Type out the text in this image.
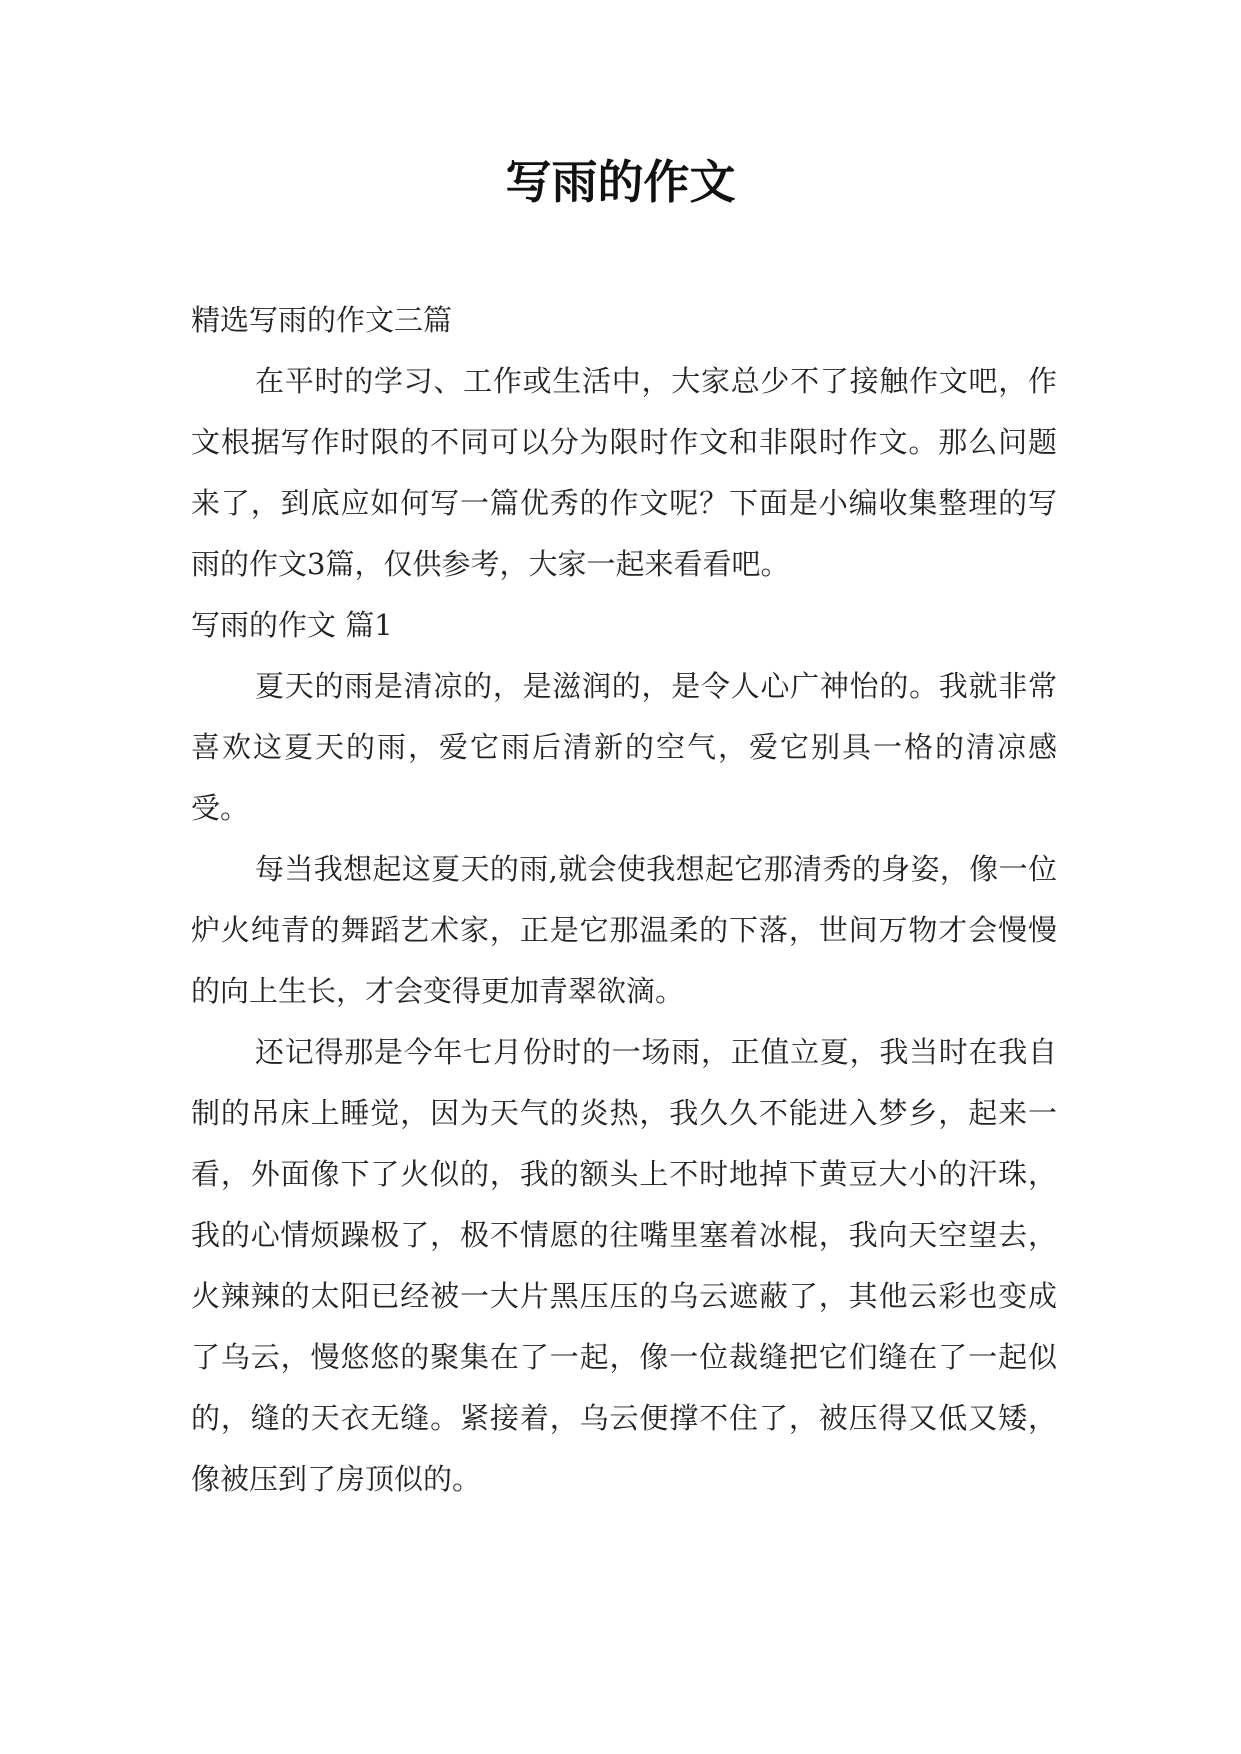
写雨的作文

精选写雨的作文三篇

在平时的学习、工作或生活中，大家总少不了接触作文吧，作文根据写作时限的不同可以分为限时作文和非限时作文。那么问题来了，到底应如何写一篇优秀的作文呢？下面是小编收集整理的写雨的作文3篇，仅供参考，大家一起来看看吧。

写雨的作文 篇1

夏天的雨是清凉的，是滋润的，是令人心广神怡的。我就非常喜欢这夏天的雨，爱它雨后清新的空气，爱它别具一格的清凉感受。

每当我想起这夏天的雨,就会使我想起它那清秀的身姿，像一位炉火纯青的舞蹈艺术家，正是它那温柔的下落，世间万物才会慢慢的向上生长，才会变得更加青翠欲滴。

还记得那是今年七月份时的一场雨，正值立夏，我当时在我自制的吊床上睡觉，因为天气的炎热，我久久不能进入梦乡，起来一看，外面像下了火似的，我的额头上不时地掉下黄豆大小的汗珠，我的心情烦躁极了，极不情愿的往嘴里塞着冰棍，我向天空望去，火辣辣的太阳已经被一大片黑压压的乌云遮蔽了，其他云彩也变成了乌云，慢悠悠的聚集在了一起，像一位裁缝把它们缝在了一起似的，缝的天衣无缝。紧接着，乌云便撑不住了，被压得又低又矮，像被压到了房顶似的。
